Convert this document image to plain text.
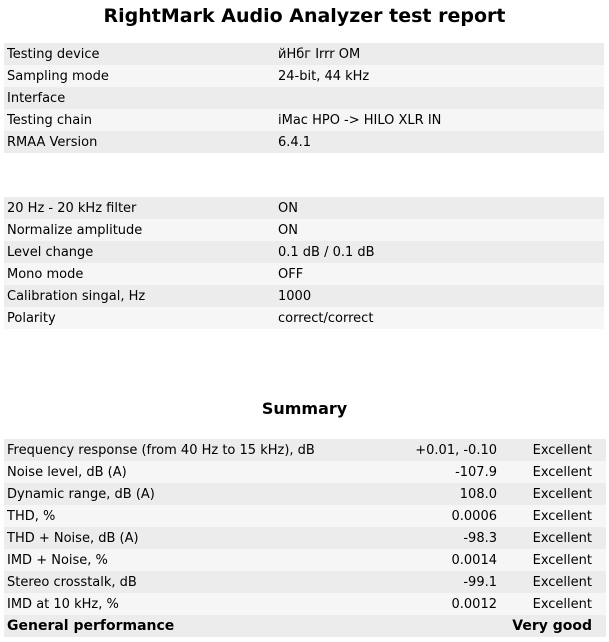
RightMark Audio Analyzer test report
Testing device	йНбг Irrr OM
Sampling mode	24-bit, 44 kHz
Interface	
Testing chain	iMac HPO -> HILO XLR IN
RMAA Version	6.4.1
20 Hz - 20 kHz filter	ON
Normalize amplitude	ON
Level change	0.1 dB / 0.1 dB
Mono mode	OFF
Calibration singal, Hz	1000
Polarity	correct/correct
Summary
Frequency response (from 40 Hz to 15 kHz), dB	+0.01, -0.10	Excellent
Noise level, dB (A)	-107.9	Excellent
Dynamic range, dB (A)	108.0	Excellent
THD, %	0.0006	Excellent
THD + Noise, dB (A)	-98.3	Excellent
IMD + Noise, %	0.0014	Excellent
Stereo crosstalk, dB	-99.1	Excellent
IMD at 10 kHz, %	0.0012	Excellent
General performance		Very good
